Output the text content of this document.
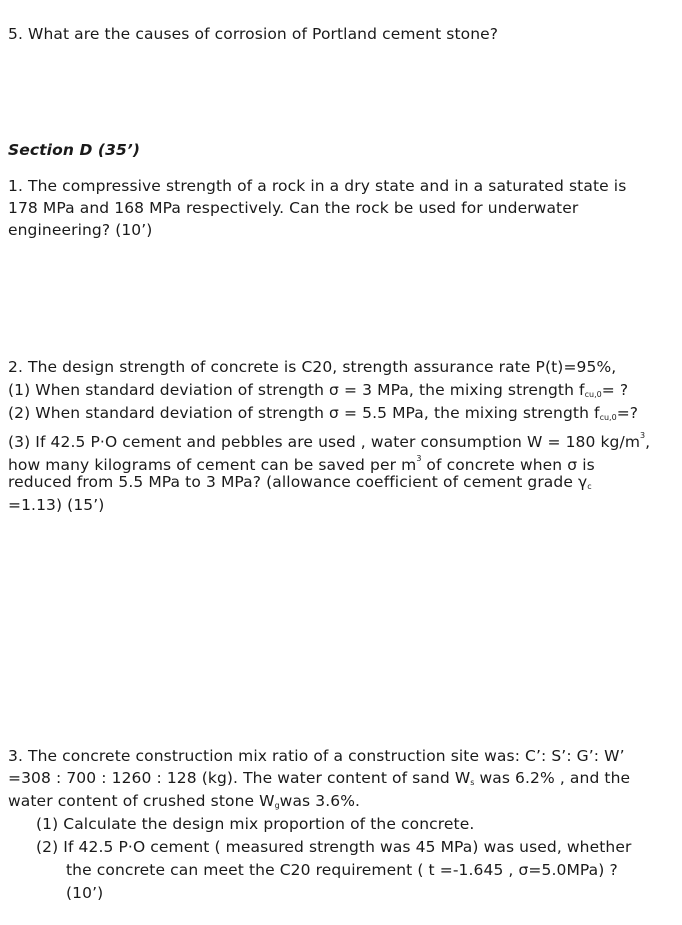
5. What are the causes of corrosion of Portland cement stone?
Section D (35’)
1. The compressive strength of a rock in a dry state and in a saturated state is
178 MPa and 168 MPa respectively. Can the rock be used for underwater
engineering? (10’)
2. The design strength of concrete is C20, strength assurance rate P(t)=95%,
(1) When standard deviation of strength σ = 3 MPa, the mixing strength $f_{cu,0}=$ ?
(2) When standard deviation of strength σ = 5.5 MPa, the mixing strength $f_{cu,0}=$?
(3) If 42.5 P·O cement and pebbles are used , water consumption W = 180 $kg/m^3$,
how many kilograms of cement can be saved per $m^3$ of concrete when σ is
reduced from 5.5 MPa to 3 MPa? (allowance coefficient of cement grade $\gamma_c$
=1.13) (15’)
3. The concrete construction mix ratio of a construction site was: C’: S’: G’: W’
=308 : 700 : 1260 : 128 (kg). The water content of sand $W_s$ was 6.2% , and the
water content of crushed stone $W_gwas$ 3.6%.
(1) Calculate the design mix proportion of the concrete.
(2) If 42.5 P·O cement ( measured strength was 45 MPa) was used, whether
the concrete can meet the C20 requirement ( t =-1.645 , σ=5.0MPa) ?
(10’)
